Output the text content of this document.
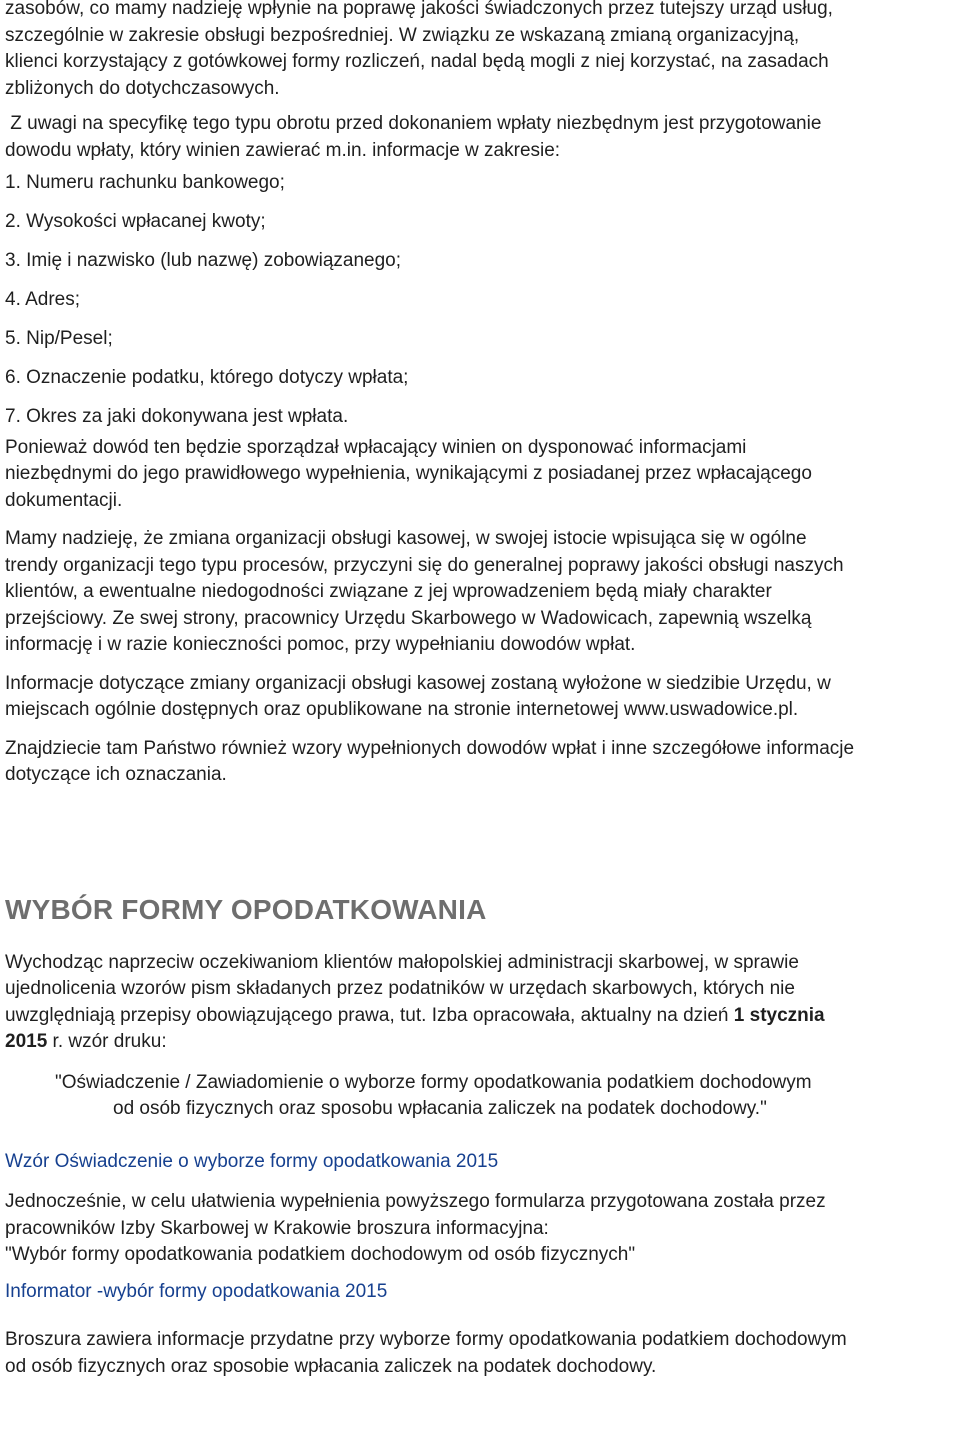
zasobów, co mamy nadzieję wpłynie na poprawę jakości świadczonych przez tutejszy urząd usług,
szczególnie w zakresie obsługi bezpośredniej. W związku ze wskazaną zmianą organizacyjną,
klienci korzystający z gotówkowej formy rozliczeń, nadal będą mogli z niej korzystać, na zasadach
zbliżonych do dotychczasowych.

Z uwagi na specyfikę tego typu obrotu przed dokonaniem wpłaty niezbędnym jest przygotowanie
dowodu wpłaty, który winien zawierać m.in. informacje w zakresie:

1. Numeru rachunku bankowego;

2. Wysokości wpłacanej kwoty;

3. Imię i nazwisko (lub nazwę) zobowiązanego;

4. Adres;

5. Nip/Pesel;

6. Oznaczenie podatku, którego dotyczy wpłata;

7. Okres za jaki dokonywana jest wpłata.

Ponieważ dowód ten będzie sporządzał wpłacający winien on dysponować informacjami
niezbędnymi do jego prawidłowego wypełnienia, wynikającymi z posiadanej przez wpłacającego
dokumentacji.

Mamy nadzieję, że zmiana organizacji obsługi kasowej, w swojej istocie wpisująca się w ogólne
trendy organizacji tego typu procesów, przyczyni się do generalnej poprawy jakości obsługi naszych
klientów, a ewentualne niedogodności związane z jej wprowadzeniem będą miały charakter
przejściowy. Ze swej strony, pracownicy Urzędu Skarbowego w Wadowicach, zapewnią wszelką
informację i w razie konieczności pomoc, przy wypełnianiu dowodów wpłat.

Informacje dotyczące zmiany organizacji obsługi kasowej zostaną wyłożone w siedzibie Urzędu, w
miejscach ogólnie dostępnych oraz opublikowane na stronie internetowej www.uswadowice.pl.

Znajdziecie tam Państwo również wzory wypełnionych dowodów wpłat i inne szczegółowe informacje
dotyczące ich oznaczania.

WYBÓR FORMY OPODATKOWANIA

Wychodząc naprzeciw oczekiwaniom klientów małopolskiej administracji skarbowej, w sprawie
ujednolicenia wzorów pism składanych przez podatników w urzędach skarbowych, których nie
uwzględniają przepisy obowiązującego prawa, tut. Izba opracowała, aktualny na dzień 1 stycznia
2015 r. wzór druku:

"Oświadczenie / Zawiadomienie o wyborze formy opodatkowania podatkiem dochodowym
od osób fizycznych oraz sposobu wpłacania zaliczek na podatek dochodowy."

Wzór Oświadczenie o wyborze formy opodatkowania 2015

Jednocześnie, w celu ułatwienia wypełnienia powyższego formularza przygotowana została przez
pracowników Izby Skarbowej w Krakowie broszura informacyjna:
"Wybór formy opodatkowania podatkiem dochodowym od osób fizycznych"

Informator -wybór formy opodatkowania 2015

Broszura zawiera informacje przydatne przy wyborze formy opodatkowania podatkiem dochodowym
od osób fizycznych oraz sposobie wpłacania zaliczek na podatek dochodowy.
